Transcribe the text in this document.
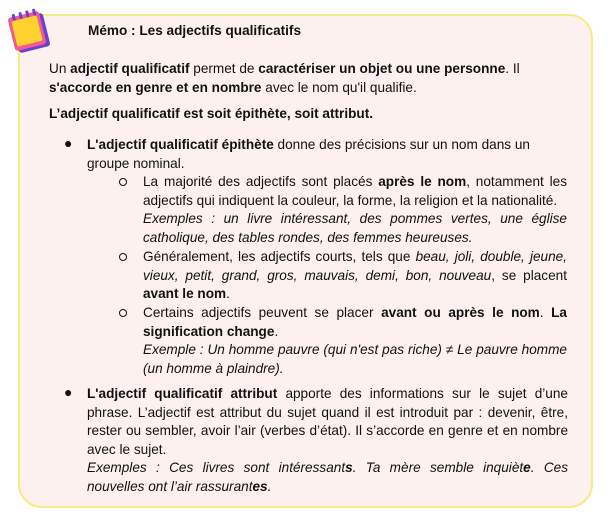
Mémo : Les adjectifs qualificatifs

Un adjectif qualificatif permet de caractériser un objet ou une personne. Il s'accorde en genre et en nombre avec le nom qu'il qualifie.

L’adjectif qualificatif est soit épithète, soit attribut.

● L'adjectif qualificatif épithète donne des précisions sur un nom dans un groupe nominal.

La majorité des adjectifs sont placés après le nom, notamment les adjectifs qui indiquent la couleur, la forme, la religion et la nationalité.
Exemples : un livre intéressant, des pommes vertes, une église catholique, des tables rondes, des femmes heureuses.

Généralement, les adjectifs courts, tels que beau, joli, double, jeune, vieux, petit, grand, gros, mauvais, demi, bon, nouveau, se placent avant le nom.

Certains adjectifs peuvent se placer avant ou après le nom. La signification change.
Exemple : Un homme pauvre (qui n'est pas riche) ≠ Le pauvre homme (un homme à plaindre).

● L'adjectif qualificatif attribut apporte des informations sur le sujet d’une phrase. L’adjectif est attribut du sujet quand il est introduit par : devenir, être, rester ou sembler, avoir l’air (verbes d’état). Il s’accorde en genre et en nombre avec le sujet.
Exemples : Ces livres sont intéressants. Ta mère semble inquiète. Ces nouvelles ont l’air rassurantes.
